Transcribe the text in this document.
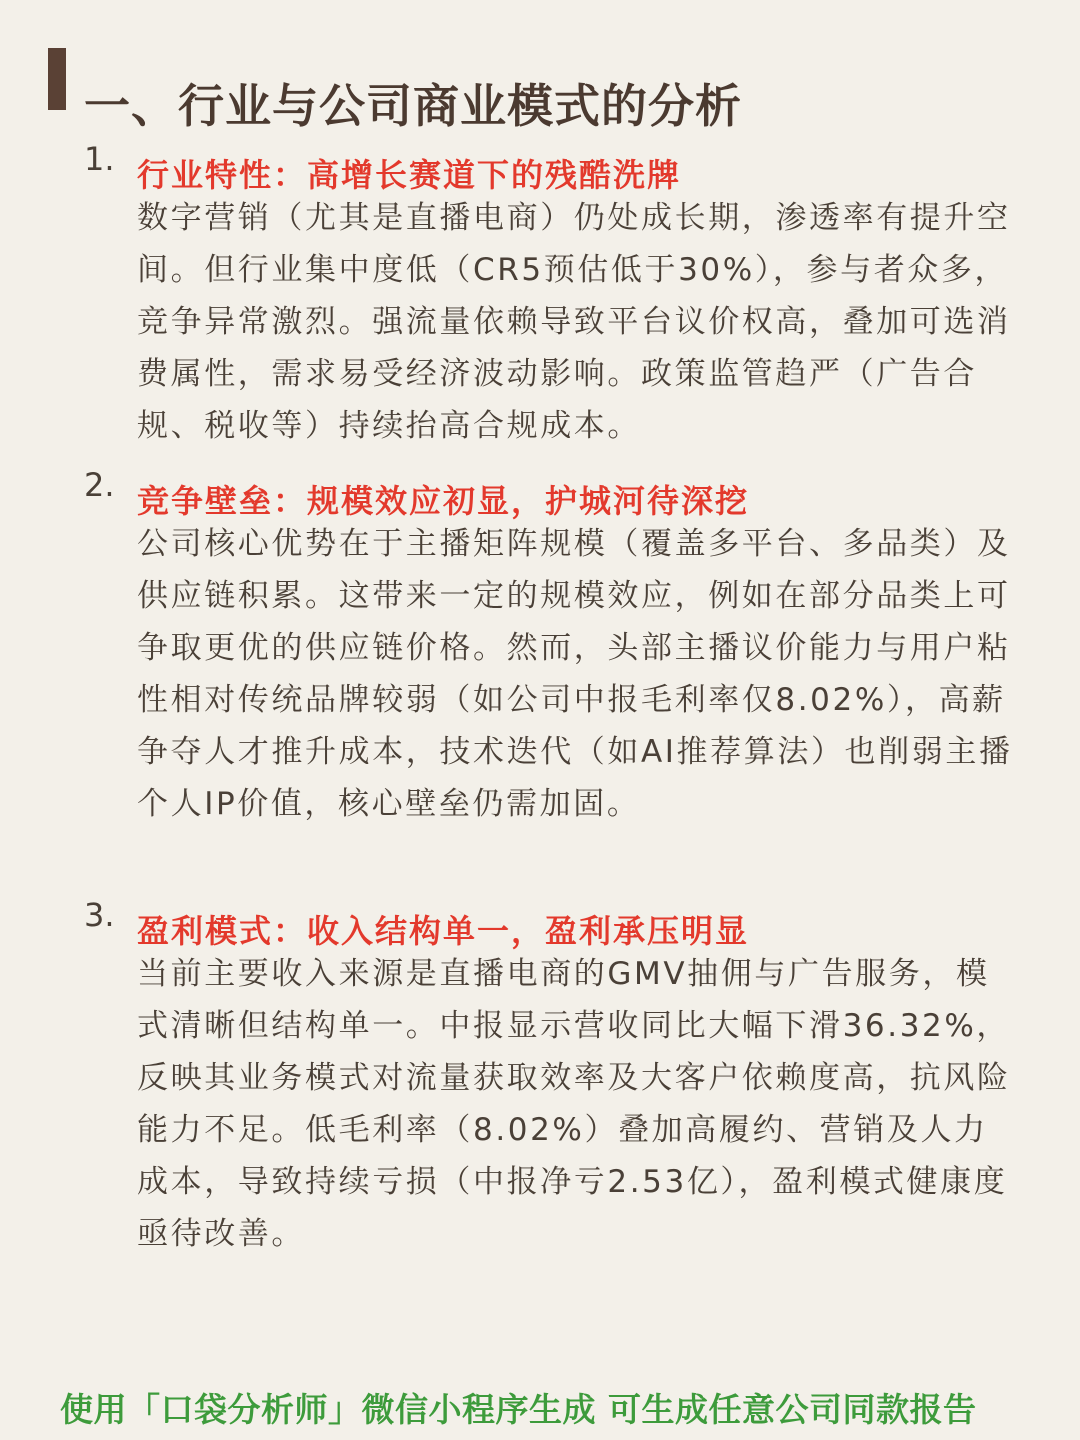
一、行业与公司商业模式的分析
1. 行业特性：高增长赛道下的残酷洗牌

数字营销（尤其是直播电商）仍处成长期，渗透率有提升空间。但行业集中度低（CR5预估低于30%），参与者众多，竞争异常激烈。强流量依赖导致平台议价权高，叠加可选消费属性，需求易受经济波动影响。政策监管趋严（广告合规、税收等）持续抬高合规成本。

2. 竞争壁垒：规模效应初显，护城河待深挖

公司核心优势在于主播矩阵规模（覆盖多平台、多品类）及供应链积累。这带来一定的规模效应，例如在部分品类上可争取更优的供应链价格。然而，头部主播议价能力与用户粘性相对传统品牌较弱（如公司中报毛利率仅8.02%），高薪争夺人才推升成本，技术迭代（如AI推荐算法）也削弱主播个人IP价值，核心壁垒仍需加固。

3. 盈利模式：收入结构单一，盈利承压明显

当前主要收入来源是直播电商的GMV抽佣与广告服务，模式清晰但结构单一。中报显示营收同比大幅下滑36.32%，反映其业务模式对流量获取效率及大客户依赖度高，抗风险能力不足。低毛利率（8.02%）叠加高履约、营销及人力成本，导致持续亏损（中报净亏2.53亿），盈利模式健康度亟待改善。

使用「口袋分析师」微信小程序生成 可生成任意公司同款报告
